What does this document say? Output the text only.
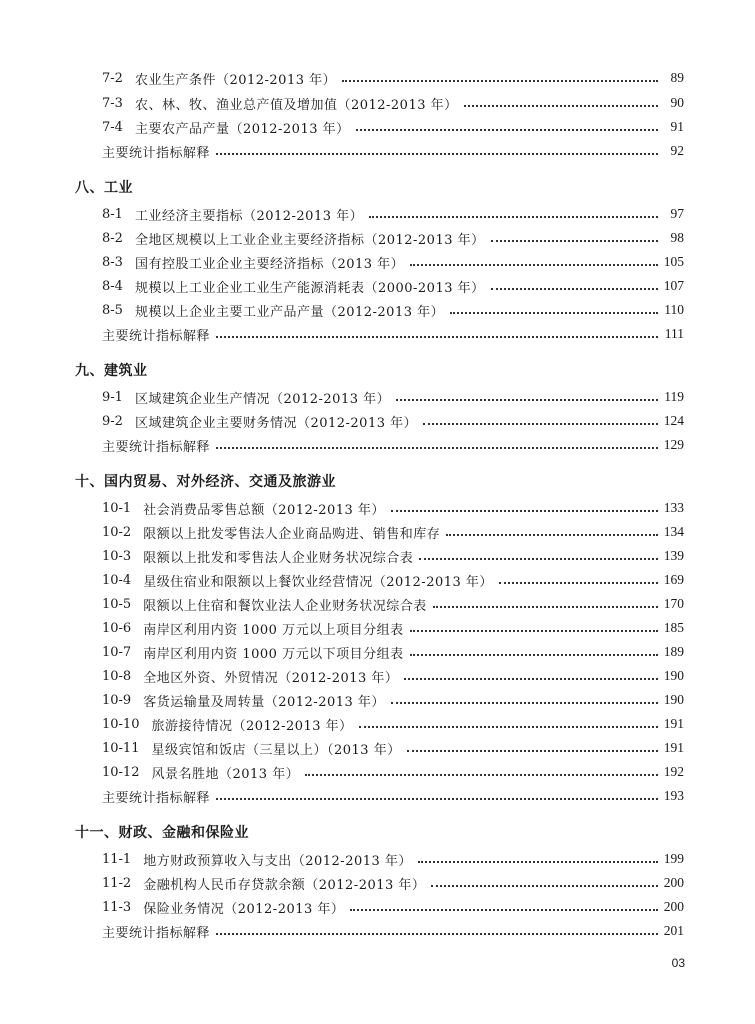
7-2 农业生产条件（2012-2013 年）	89
7-3 农、林、牧、渔业总产值及增加值（2012-2013 年）	90
7-4 主要农产品产量（2012-2013 年）	91
主要统计指标解释	92
八、工业
8-1 工业经济主要指标（2012-2013 年）	97
8-2 全地区规模以上工业企业主要经济指标（2012-2013 年）	98
8-3 国有控股工业企业主要经济指标（2013 年）	105
8-4 规模以上工业企业工业生产能源消耗表（2000-2013 年）	107
8-5 规模以上企业主要工业产品产量（2012-2013 年）	110
主要统计指标解释	111
九、建筑业
9-1 区域建筑企业生产情况（2012-2013 年）	119
9-2 区域建筑企业主要财务情况（2012-2013 年）	124
主要统计指标解释	129
十、国内贸易、对外经济、交通及旅游业
10-1 社会消费品零售总额（2012-2013 年）	133
10-2 限额以上批发零售法人企业商品购进、销售和库存	134
10-3 限额以上批发和零售法人企业财务状况综合表	139
10-4 星级住宿业和限额以上餐饮业经营情况（2012-2013 年）	169
10-5 限额以上住宿和餐饮业法人企业财务状况综合表	170
10-6 南岸区利用内资 1000 万元以上项目分组表	185
10-7 南岸区利用内资 1000 万元以下项目分组表	189
10-8 全地区外资、外贸情况（2012-2013 年）	190
10-9 客货运输量及周转量（2012-2013 年）	190
10-10 旅游接待情况（2012-2013 年）	191
10-11 星级宾馆和饭店（三星以上）（2013 年）	191
10-12 风景名胜地（2013 年）	192
主要统计指标解释	193
十一、财政、金融和保险业
11-1 地方财政预算收入与支出（2012-2013 年）	199
11-2 金融机构人民币存贷款余额（2012-2013 年）	200
11-3 保险业务情况（2012-2013 年）	200
主要统计指标解释	201
03
